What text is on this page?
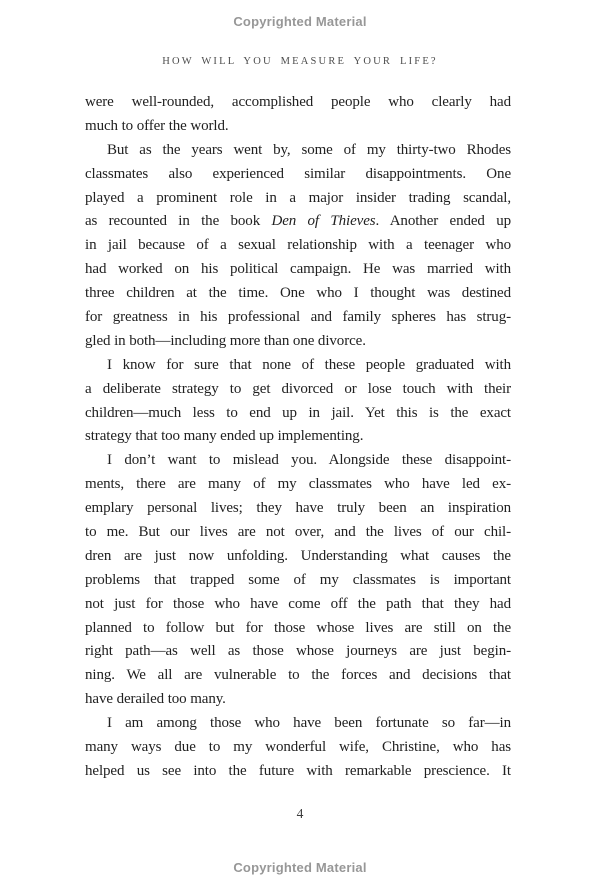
Copyrighted Material
HOW WILL YOU MEASURE YOUR LIFE?
were well-rounded, accomplished people who clearly had
much to offer the world.
But as the years went by, some of my thirty-two Rhodes
classmates also experienced similar disappointments. One
played a prominent role in a major insider trading scandal,
as recounted in the book Den of Thieves. Another ended up
in jail because of a sexual relationship with a teenager who
had worked on his political campaign. He was married with
three children at the time. One who I thought was destined
for greatness in his professional and family spheres has strug-
gled in both—including more than one divorce.
I know for sure that none of these people graduated with
a deliberate strategy to get divorced or lose touch with their
children—much less to end up in jail. Yet this is the exact
strategy that too many ended up implementing.
I don’t want to mislead you. Alongside these disappoint-
ments, there are many of my classmates who have led ex-
emplary personal lives; they have truly been an inspiration
to me. But our lives are not over, and the lives of our chil-
dren are just now unfolding. Understanding what causes the
problems that trapped some of my classmates is important
not just for those who have come off the path that they had
planned to follow but for those whose lives are still on the
right path—as well as those whose journeys are just begin-
ning. We all are vulnerable to the forces and decisions that
have derailed too many.
I am among those who have been fortunate so far—in
many ways due to my wonderful wife, Christine, who has
helped us see into the future with remarkable prescience. It
4
Copyrighted Material
